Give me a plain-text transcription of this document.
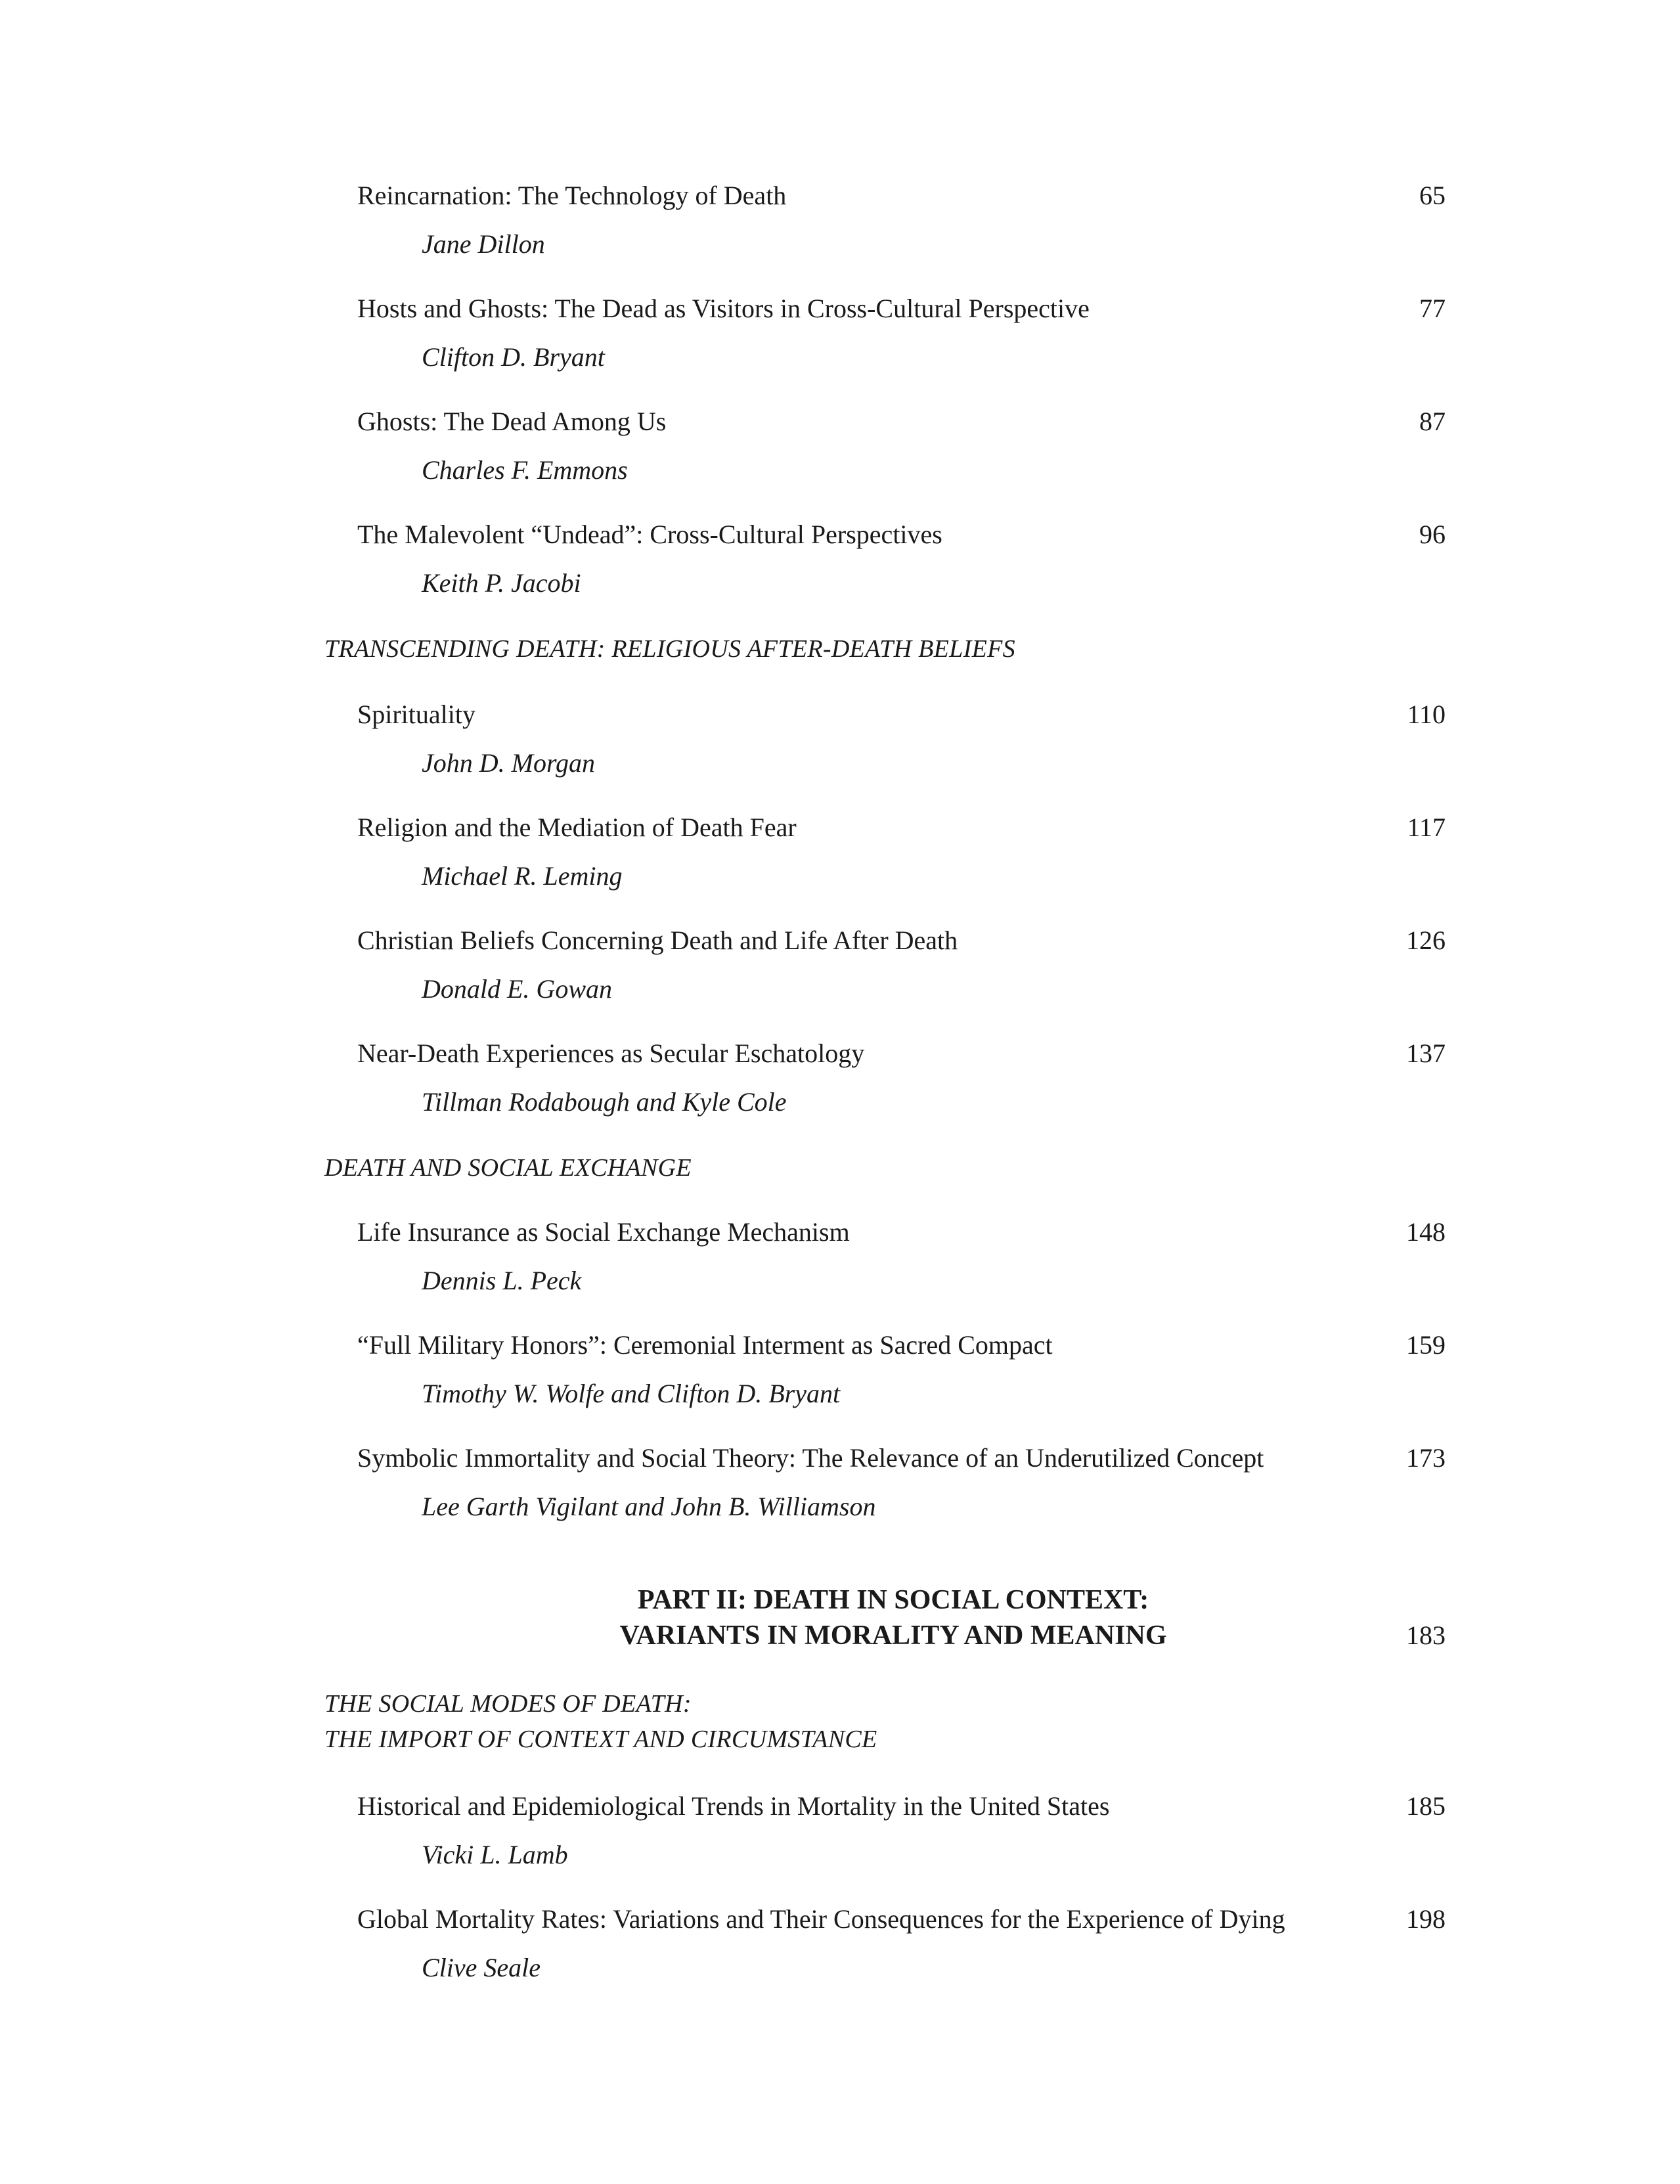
Reincarnation: The Technology of Death	65
Jane Dillon
Hosts and Ghosts: The Dead as Visitors in Cross-Cultural Perspective	77
Clifton D. Bryant
Ghosts: The Dead Among Us	87
Charles F. Emmons
The Malevolent “Undead”: Cross-Cultural Perspectives	96
Keith P. Jacobi
TRANSCENDING DEATH: RELIGIOUS AFTER-DEATH BELIEFS
Spirituality	110
John D. Morgan
Religion and the Mediation of Death Fear	117
Michael R. Leming
Christian Beliefs Concerning Death and Life After Death	126
Donald E. Gowan
Near-Death Experiences as Secular Eschatology	137
Tillman Rodabough and Kyle Cole
DEATH AND SOCIAL EXCHANGE
Life Insurance as Social Exchange Mechanism	148
Dennis L. Peck
“Full Military Honors”: Ceremonial Interment as Sacred Compact	159
Timothy W. Wolfe and Clifton D. Bryant
Symbolic Immortality and Social Theory: The Relevance of an Underutilized Concept	173
Lee Garth Vigilant and John B. Williamson
PART II: DEATH IN SOCIAL CONTEXT:
VARIANTS IN MORALITY AND MEANING	183
THE SOCIAL MODES OF DEATH:
THE IMPORT OF CONTEXT AND CIRCUMSTANCE
Historical and Epidemiological Trends in Mortality in the United States	185
Vicki L. Lamb
Global Mortality Rates: Variations and Their Consequences for the Experience of Dying	198
Clive Seale
